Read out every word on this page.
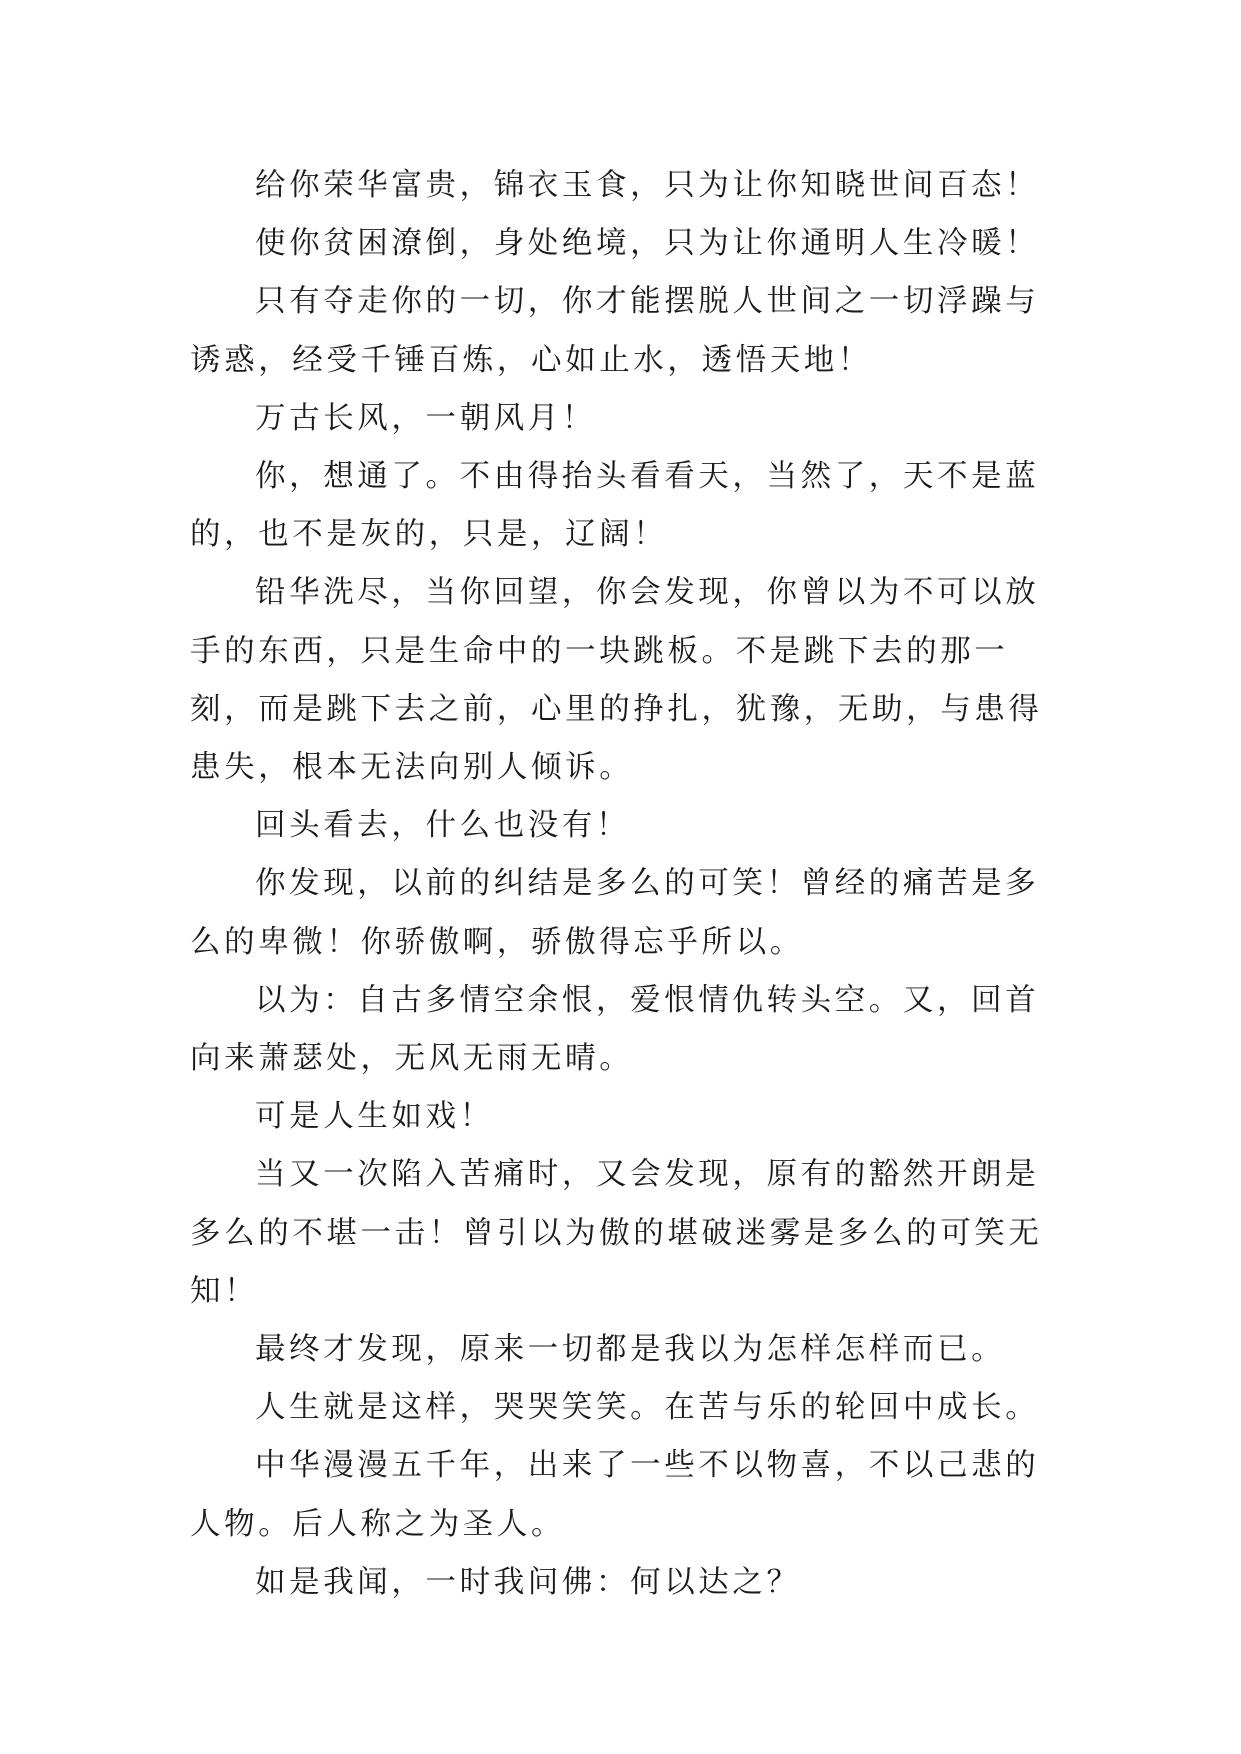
给你荣华富贵，锦衣玉食，只为让你知晓世间百态！

使你贫困潦倒，身处绝境，只为让你通明人生冷暖！

只有夺走你的一切，你才能摆脱人世间之一切浮躁与诱惑，经受千锤百炼，心如止水，透悟天地！

万古长风，一朝风月！

你，想通了。不由得抬头看看天，当然了，天不是蓝的，也不是灰的，只是，辽阔！

铅华洗尽，当你回望，你会发现，你曾以为不可以放手的东西，只是生命中的一块跳板。不是跳下去的那一刻，而是跳下去之前，心里的挣扎，犹豫，无助，与患得患失，根本无法向别人倾诉。

回头看去，什么也没有！

你发现，以前的纠结是多么的可笑！曾经的痛苦是多么的卑微！你骄傲啊，骄傲得忘乎所以。

以为：自古多情空余恨，爱恨情仇转头空。又，回首向来萧瑟处，无风无雨无晴。

可是人生如戏！

当又一次陷入苦痛时，又会发现，原有的豁然开朗是多么的不堪一击！曾引以为傲的堪破迷雾是多么的可笑无知！

最终才发现，原来一切都是我以为怎样怎样而已。

人生就是这样，哭哭笑笑。在苦与乐的轮回中成长。

中华漫漫五千年，出来了一些不以物喜，不以己悲的人物。后人称之为圣人。

如是我闻，一时我问佛：何以达之？
